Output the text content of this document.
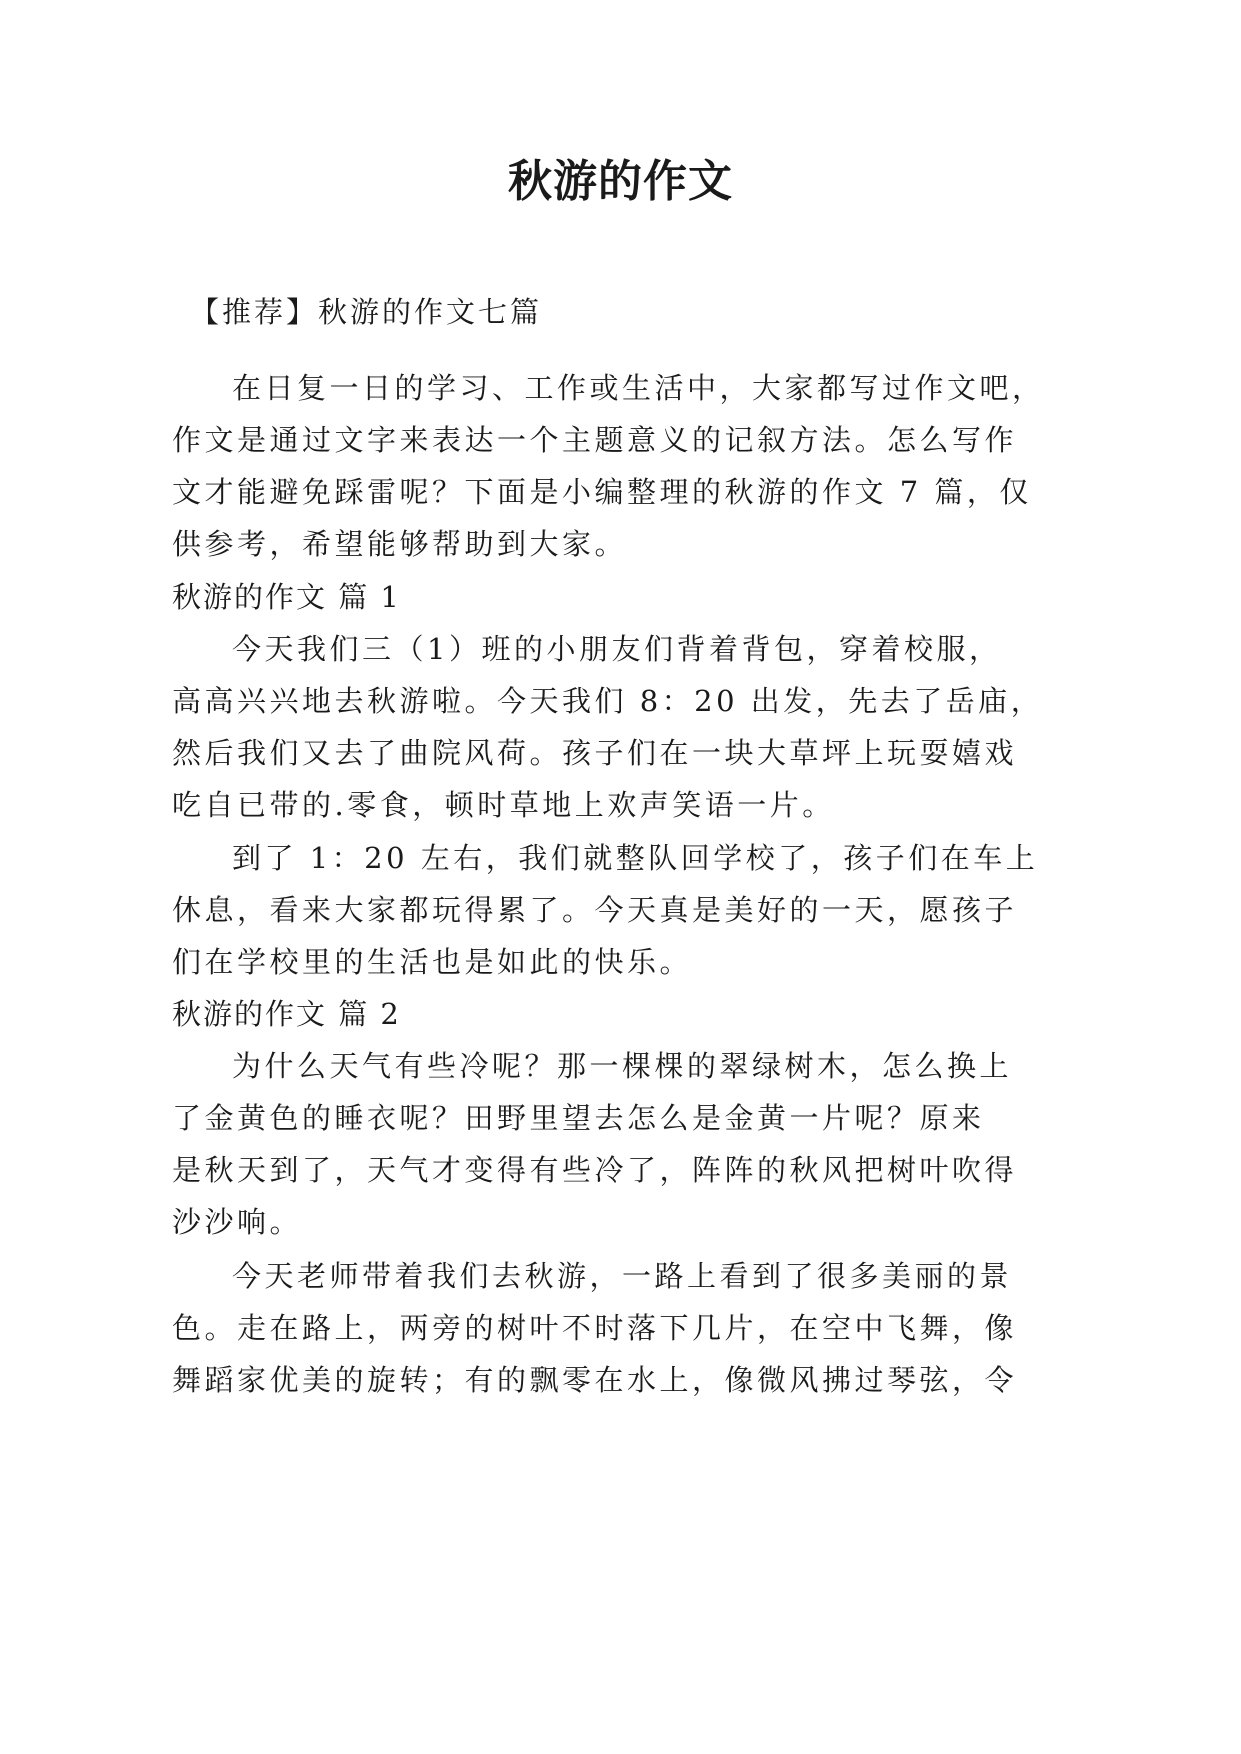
秋游的作文
【推荐】秋游的作文七篇
在日复一日的学习、工作或生活中，大家都写过作文吧，
作文是通过文字来表达一个主题意义的记叙方法。怎么写作
文才能避免踩雷呢？下面是小编整理的秋游的作文 7 篇，仅
供参考，希望能够帮助到大家。
秋游的作文 篇 1
今天我们三（1）班的小朋友们背着背包，穿着校服，
高高兴兴地去秋游啦。今天我们 8：20 出发，先去了岳庙，
然后我们又去了曲院风荷。孩子们在一块大草坪上玩耍嬉戏
吃自已带的.零食，顿时草地上欢声笑语一片。
到了 1：20 左右，我们就整队回学校了，孩子们在车上
休息，看来大家都玩得累了。今天真是美好的一天，愿孩子
们在学校里的生活也是如此的快乐。
秋游的作文 篇 2
为什么天气有些冷呢？那一棵棵的翠绿树木，怎么换上
了金黄色的睡衣呢？田野里望去怎么是金黄一片呢？原来
是秋天到了，天气才变得有些冷了，阵阵的秋风把树叶吹得
沙沙响。
今天老师带着我们去秋游，一路上看到了很多美丽的景
色。走在路上，两旁的树叶不时落下几片，在空中飞舞，像
舞蹈家优美的旋转；有的飘零在水上，像微风拂过琴弦，令
